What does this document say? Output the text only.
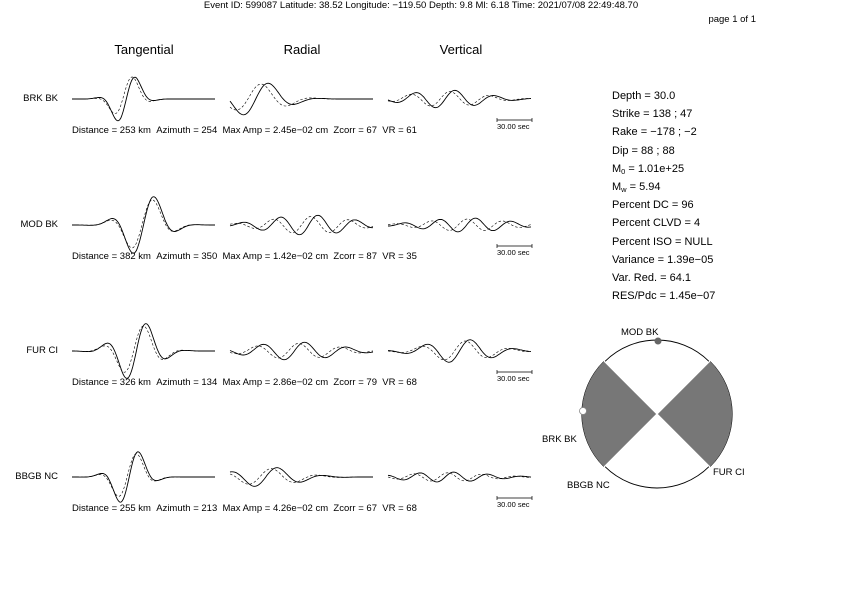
Event ID: 599087 Latitude: 38.52 Longitude: −119.50 Depth: 9.8 Ml: 6.18 Time: 2021/07/08 22:49:48.70
page 1 of 1
Tangential	Radial	Vertical
BRK BK
MOD BK
FUR CI
BBGB NC
Distance = 253 km Azimuth = 254 Max Amp = 2.45e−02 cm Zcorr = 67 VR = 61
Distance = 382 km Azimuth = 350 Max Amp = 1.42e−02 cm Zcorr = 87 VR = 35
Distance = 326 km Azimuth = 134 Max Amp = 2.86e−02 cm Zcorr = 79 VR = 68
Distance = 255 km Azimuth = 213 Max Amp = 4.26e−02 cm Zcorr = 67 VR = 68
30.00 sec
30.00 sec
30.00 sec
30.00 sec
MOD BK
BRK BK
FUR CI
BBGB NC
Depth = 30.0
Strike = 138 ; 47
Rake = −178 ; −2
Dip = 88 ; 88
$M_0 = 1.01e+25$
$M_w = 5.94$
Percent DC = 96
Percent CLVD = 4
Percent ISO = NULL
Variance = 1.39e−05
Var. Red. = 64.1
RES/Pdc = 1.45e−07
